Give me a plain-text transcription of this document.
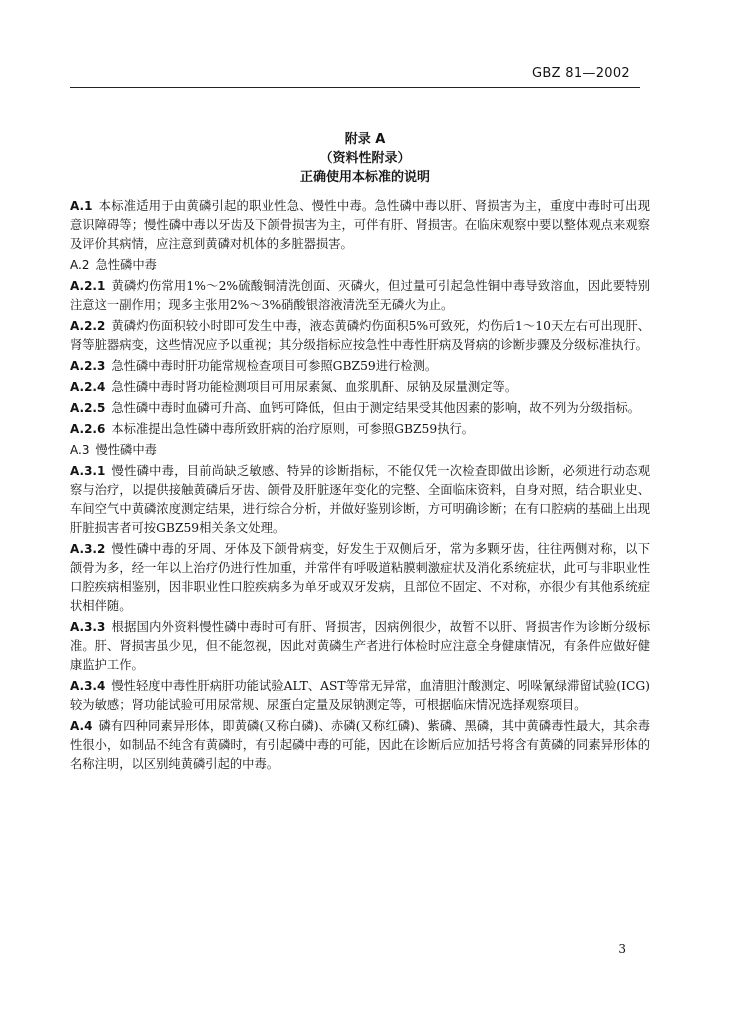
GBZ 81—2002
附录 A
（资料性附录）
正确使用本标准的说明

A.1 本标准适用于由黄磷引起的职业性急、慢性中毒。急性磷中毒以肝、肾损害为主，重度中毒时可出现意识障碍等；慢性磷中毒以牙齿及下颌骨损害为主，可伴有肝、肾损害。在临床观察中要以整体观点来观察及评价其病情，应注意到黄磷对机体的多脏器损害。

A.2 急性磷中毒

A.2.1 黄磷灼伤常用1%～2%硫酸铜清洗创面、灭磷火，但过量可引起急性铜中毒导致溶血，因此要特别注意这一副作用；现多主张用2%～3%硝酸银溶液清洗至无磷火为止。

A.2.2 黄磷灼伤面积较小时即可发生中毒，液态黄磷灼伤面积5%可致死，灼伤后1～10天左右可出现肝、肾等脏器病变，这些情况应予以重视；其分级指标应按急性中毒性肝病及肾病的诊断步骤及分级标准执行。

A.2.3 急性磷中毒时肝功能常规检查项目可参照GBZ59进行检测。

A.2.4 急性磷中毒时肾功能检测项目可用尿素氮、血浆肌酐、尿钠及尿量测定等。

A.2.5 急性磷中毒时血磷可升高、血钙可降低，但由于测定结果受其他因素的影响，故不列为分级指标。

A.2.6 本标准提出急性磷中毒所致肝病的治疗原则，可参照GBZ59执行。

A.3 慢性磷中毒

A.3.1 慢性磷中毒，目前尚缺乏敏感、特异的诊断指标，不能仅凭一次检查即做出诊断，必须进行动态观察与治疗，以提供接触黄磷后牙齿、颌骨及肝脏逐年变化的完整、全面临床资料，自身对照，结合职业史、车间空气中黄磷浓度测定结果，进行综合分析，并做好鉴别诊断，方可明确诊断；在有口腔病的基础上出现肝脏损害者可按GBZ59相关条文处理。

A.3.2 慢性磷中毒的牙周、牙体及下颌骨病变，好发生于双侧后牙，常为多颗牙齿，往往两侧对称，以下颌骨为多，经一年以上治疗仍进行性加重，并常伴有呼吸道粘膜刺激症状及消化系统症状，此可与非职业性口腔疾病相鉴别，因非职业性口腔疾病多为单牙或双牙发病，且部位不固定、不对称，亦很少有其他系统症状相伴随。

A.3.3 根据国内外资料慢性磷中毒时可有肝、肾损害，因病例很少，故暂不以肝、肾损害作为诊断分级标准。肝、肾损害虽少见，但不能忽视，因此对黄磷生产者进行体检时应注意全身健康情况，有条件应做好健康监护工作。

A.3.4 慢性轻度中毒性肝病肝功能试验ALT、AST等常无异常，血清胆汁酸测定、吲哚氰绿滞留试验(ICG)较为敏感；肾功能试验可用尿常规、尿蛋白定量及尿钠测定等，可根据临床情况选择观察项目。

A.4 磷有四种同素异形体，即黄磷(又称白磷)、赤磷(又称红磷)、紫磷、黑磷，其中黄磷毒性最大，其余毒性很小，如制品不纯含有黄磷时，有引起磷中毒的可能，因此在诊断后应加括号将含有黄磷的同素异形体的名称注明，以区别纯黄磷引起的中毒。

3
